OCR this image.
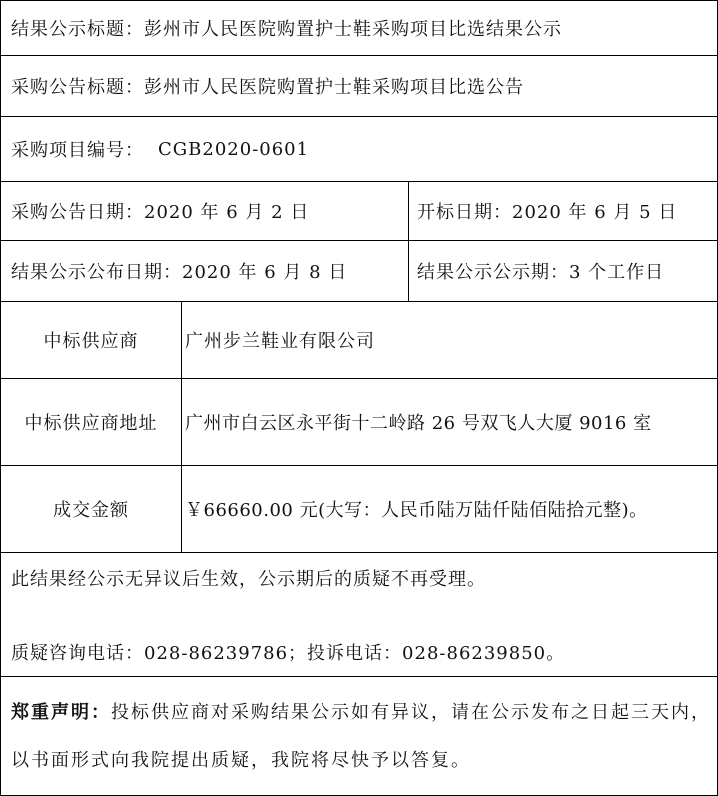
结果公示标题： 彭州市人民医院购置护士鞋采购项目比选结果公示
采购公告标题： 彭州市人民医院购置护士鞋采购项目比选公告
采购项目编号： CGB2020-0601
采购公告日期： 2020 年 6 月 2 日	开标日期： 2020 年 6 月 5 日
结果公示公布日期： 2020 年 6 月 8 日	结果公示公示期： 3 个工作日
中标供应商	广州步兰鞋业有限公司
中标供应商地址	广州市白云区永平街十二岭路 26 号双飞人大厦 9016 室
成交金额	￥66660.00 元(大写：人民币陆万陆仟陆佰陆拾元整)。
此结果经公示无异议后生效，公示期后的质疑不再受理。
质疑咨询电话：028-86239786；投诉电话：028-86239850。
郑重声明：投标供应商对采购结果公示如有异议，请在公示发布之日起三天内，以书面形式向我院提出质疑，我院将尽快予以答复。
